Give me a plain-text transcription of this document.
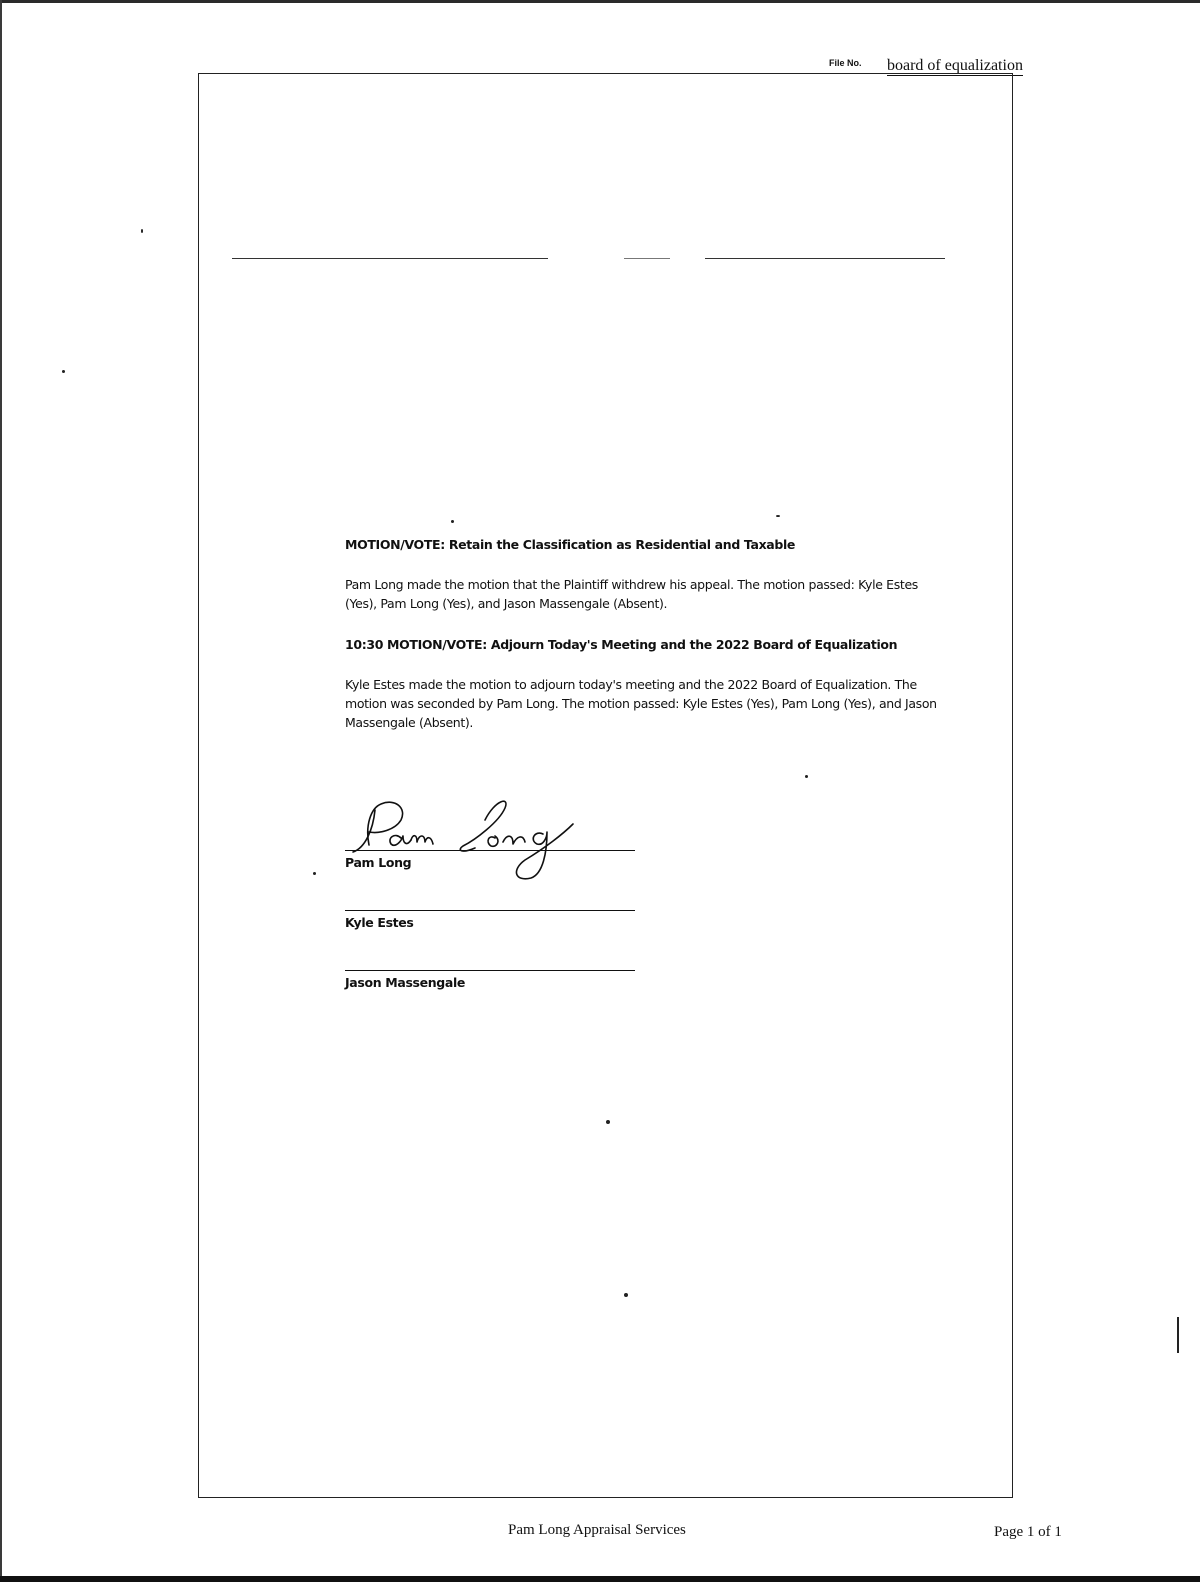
File No. board of equalization

MOTION/VOTE: Retain the Classification as Residential and Taxable

Pam Long made the motion that the Plaintiff withdrew his appeal. The motion passed: Kyle Estes (Yes), Pam Long (Yes), and Jason Massengale (Absent).

10:30 MOTION/VOTE: Adjourn Today's Meeting and the 2022 Board of Equalization

Kyle Estes made the motion to adjourn today's meeting and the 2022 Board of Equalization. The motion was seconded by Pam Long. The motion passed: Kyle Estes (Yes), Pam Long (Yes), and Jason Massengale (Absent).

Pam Long
Kyle Estes
Jason Massengale
Pam Long Appraisal Services	Page 1 of 1
